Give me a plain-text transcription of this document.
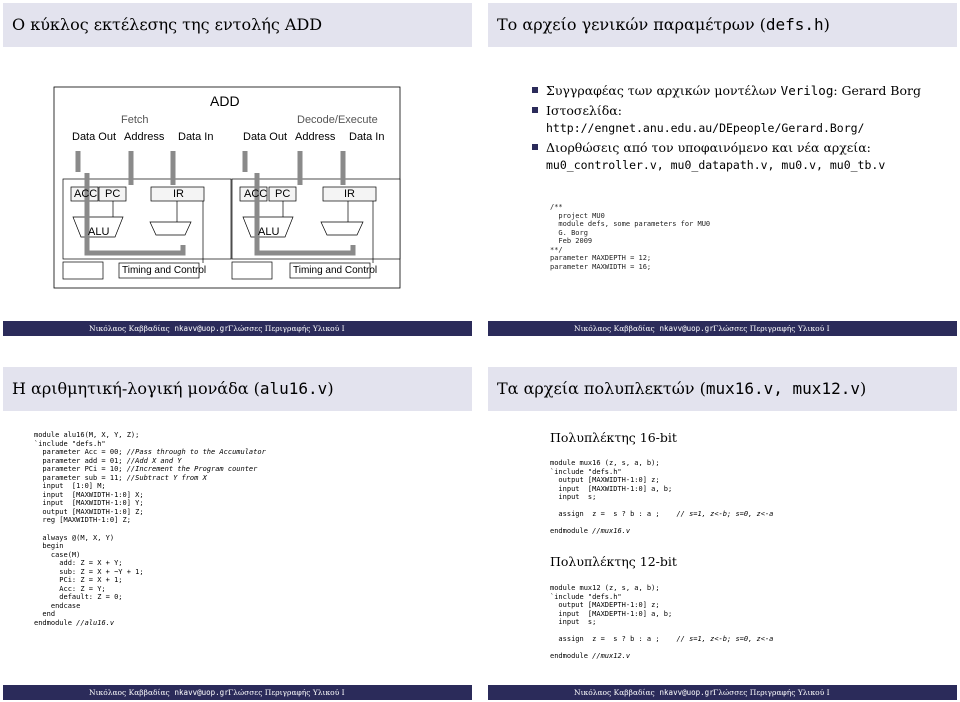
Ο κύκλος εκτέλεσης της εντολής ADD
ADD
Fetch	Decode/Execute
Data Out Address Data In	Data Out Address Data In
ACC PC	IR
ALU
ACC PC	IR
ALU
Timing and Control	Timing and Control
Νικόλαος Καββαδίας nkavv@uop.gr Γλώσσες Περιγραφής Υλικού Ι
Το αρχείο γενικών παραμέτρων (defs.h)
Συγγραφέας των αρχικών μοντέλων Verilog: Gerard Borg
Ιστοσελίδα:
http://engnet.anu.edu.au/DEpeople/Gerard.Borg/
Διορθώσεις από τον υποφαινόμενο και νέα αρχεία:
mu0_controller.v, mu0_datapath.v, mu0.v, mu0_tb.v
/**
project MU0
module defs, some parameters for MU0
G. Borg
Feb 2009
**/
parameter MAXDEPTH = 12;
parameter MAXWIDTH = 16;
Νικόλαος Καββαδίας nkavv@uop.gr Γλώσσες Περιγραφής Υλικού Ι
Η αριθμητική-λογική μονάδα (alu16.v)
module alu16(M, X, Y, Z);
`include "defs.h"
parameter Acc = 00; //Pass through to the Accumulator
parameter add = 01; //Add X and Y
parameter PCi = 10; //Increment the Program counter
parameter sub = 11; //Subtract Y from X
input  [1:0] M;
input  [MAXWIDTH-1:0] X;
input  [MAXWIDTH-1:0] Y;
output [MAXWIDTH-1:0] Z;
reg [MAXWIDTH-1:0] Z;

always @(M, X, Y)
begin
case(M)
add: Z = X + Y;
sub: Z = X + ~Y + 1;
PCi: Z = X + 1;
Acc: Z = Y;
default: Z = 0;
endcase
end
endmodule //alu16.v
Νικόλαος Καββαδίας nkavv@uop.gr Γλώσσες Περιγραφής Υλικού Ι
Τα αρχεία πολυπλεκτών (mux16.v, mux12.v)
Πολυπλέκτης 16-bit
module mux16 (z, s, a, b);
`include "defs.h"
output [MAXWIDTH-1:0] z;
input  [MAXWIDTH-1:0] a, b;
input  s;

assign  z =  s ? b : a ;    // s=1, z<-b; s=0, z<-a

endmodule //mux16.v
Πολυπλέκτης 12-bit
module mux12 (z, s, a, b);
`include "defs.h"
output [MAXDEPTH-1:0] z;
input  [MAXDEPTH-1:0] a, b;
input  s;

assign  z =  s ? b : a ;    // s=1, z<-b; s=0, z<-a

endmodule //mux12.v
Νικόλαος Καββαδίας nkavv@uop.gr Γλώσσες Περιγραφής Υλικού Ι
